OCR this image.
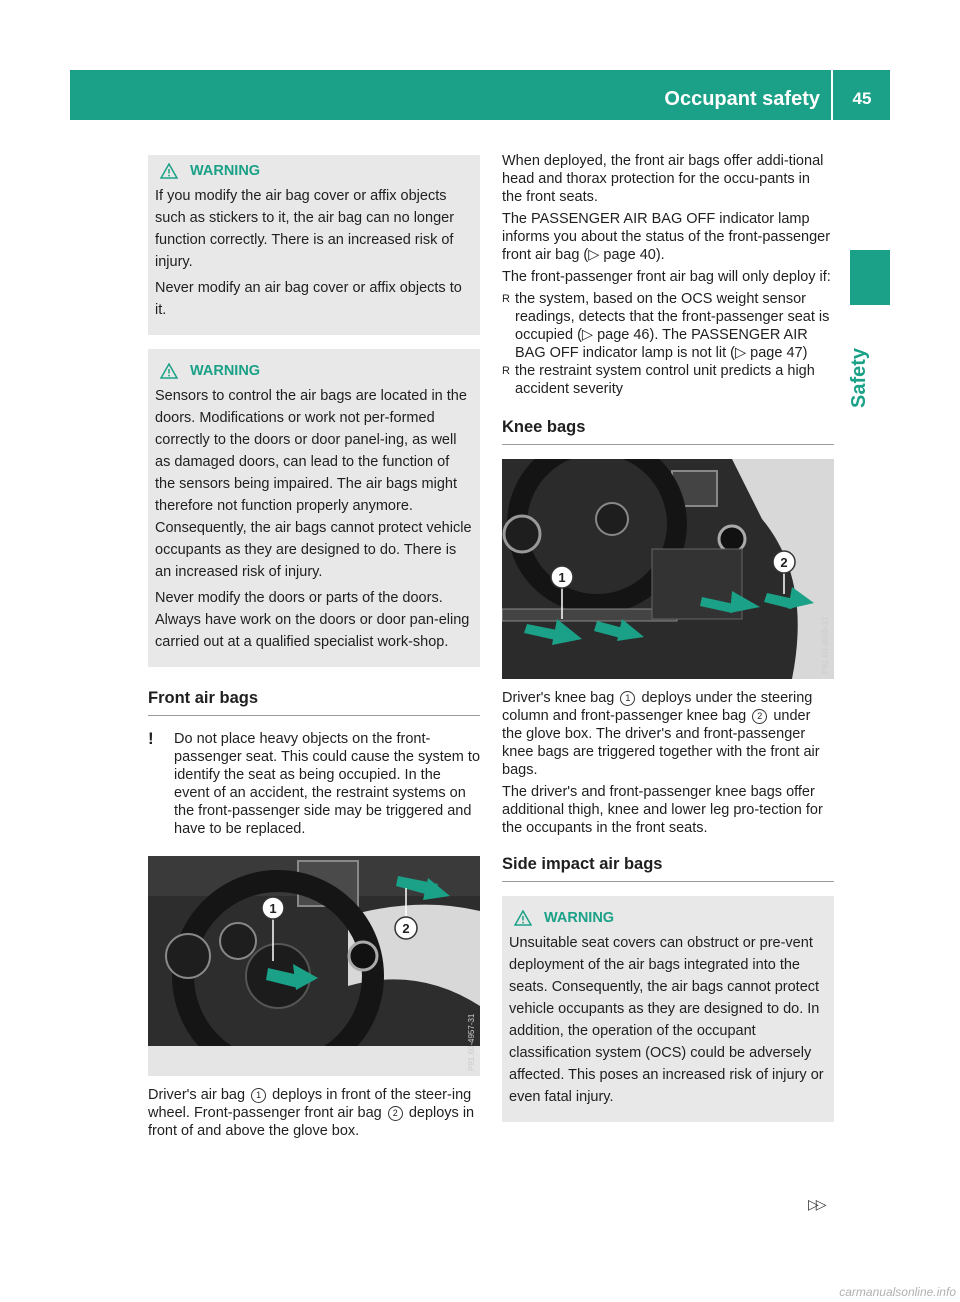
Occupant safety	45
Safety
WARNING

If you modify the air bag cover or affix objects such as stickers to it, the air bag can no longer function correctly. There is an increased risk of injury.

Never modify an air bag cover or affix objects to it.

WARNING

Sensors to control the air bags are located in the doors. Modifications or work not per-formed correctly to the doors or door panel-ing, as well as damaged doors, can lead to the function of the sensors being impaired. The air bags might therefore not function properly anymore. Consequently, the air bags cannot protect vehicle occupants as they are designed to do. There is an increased risk of injury.

Never modify the doors or parts of the doors. Always have work on the doors or door pan-eling carried out at a qualified specialist work-shop.

Front air bags
!	Do not place heavy objects on the front-passenger seat. This could cause the system to identify the seat as being occupied. In the event of an accident, the restraint systems on the front-passenger side may be triggered and have to be replaced.
1
2
P91.60-4957-31

Driver's air bag 1 deploys in front of the steer-ing wheel. Front-passenger front air bag 2 deploys in front of and above the glove box.

When deployed, the front air bags offer addi-tional head and thorax protection for the occu-pants in the front seats.

The PASSENGER AIR BAG OFF indicator lamp informs you about the status of the front-passenger front air bag (▷ page 40).

The front-passenger front air bag will only deploy if:

R the system, based on the OCS weight sensor readings, detects that the front-passenger seat is occupied (▷ page 46). The PASSENGER AIR BAG OFF indicator lamp is not lit (▷ page 47)
R the restraint system control unit predicts a high accident severity
Knee bags
1
2
P91.60-4959-31

Driver's knee bag 1 deploys under the steering column and front-passenger knee bag 2 under the glove box. The driver's and front-passenger knee bags are triggered together with the front air bags.

The driver's and front-passenger knee bags offer additional thigh, knee and lower leg pro-tection for the occupants in the front seats.

Side impact air bags
WARNING

Unsuitable seat covers can obstruct or pre-vent deployment of the air bags integrated into the seats. Consequently, the air bags cannot protect vehicle occupants as they are designed to do. In addition, the operation of the occupant classification system (OCS) could be adversely affected. This poses an increased risk of injury or even fatal injury.

▷▷
carmanualsonline.info
